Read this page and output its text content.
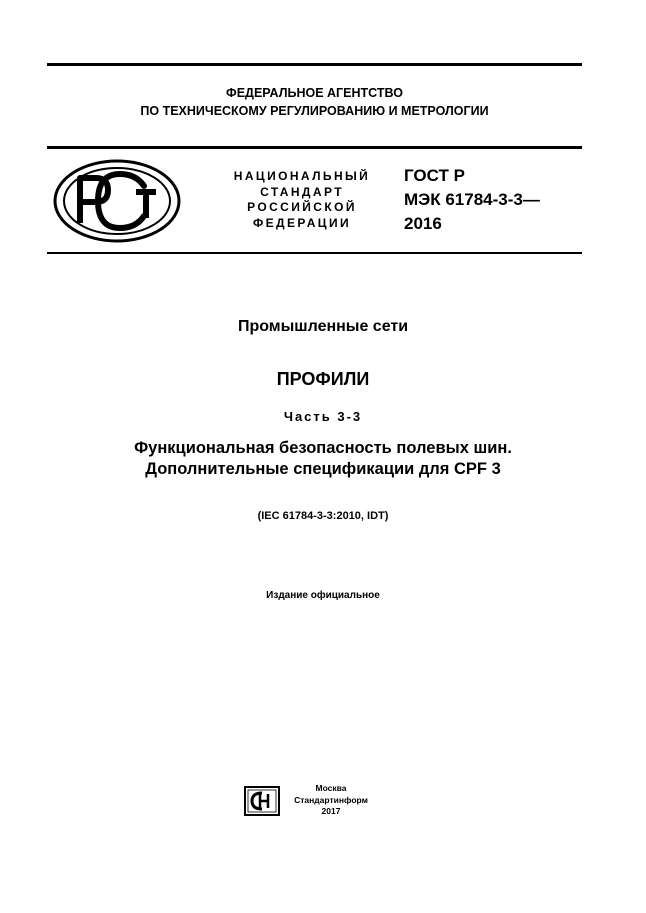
ФЕДЕРАЛЬНОЕ АГЕНТСТВО
ПО ТЕХНИЧЕСКОМУ РЕГУЛИРОВАНИЮ И МЕТРОЛОГИИ
НАЦИОНАЛЬНЫЙ
СТАНДАРТ
РОССИЙСКОЙ
ФЕДЕРАЦИИ
ГОСТ Р
МЭК 61784-3-3—
2016
Промышленные сети
ПРОФИЛИ
Часть 3-3
Функциональная безопасность полевых шин.
Дополнительные спецификации для CPF 3
(IEC 61784-3-3:2010, IDT)
Издание официальное
Москва
Стандартинформ
2017
